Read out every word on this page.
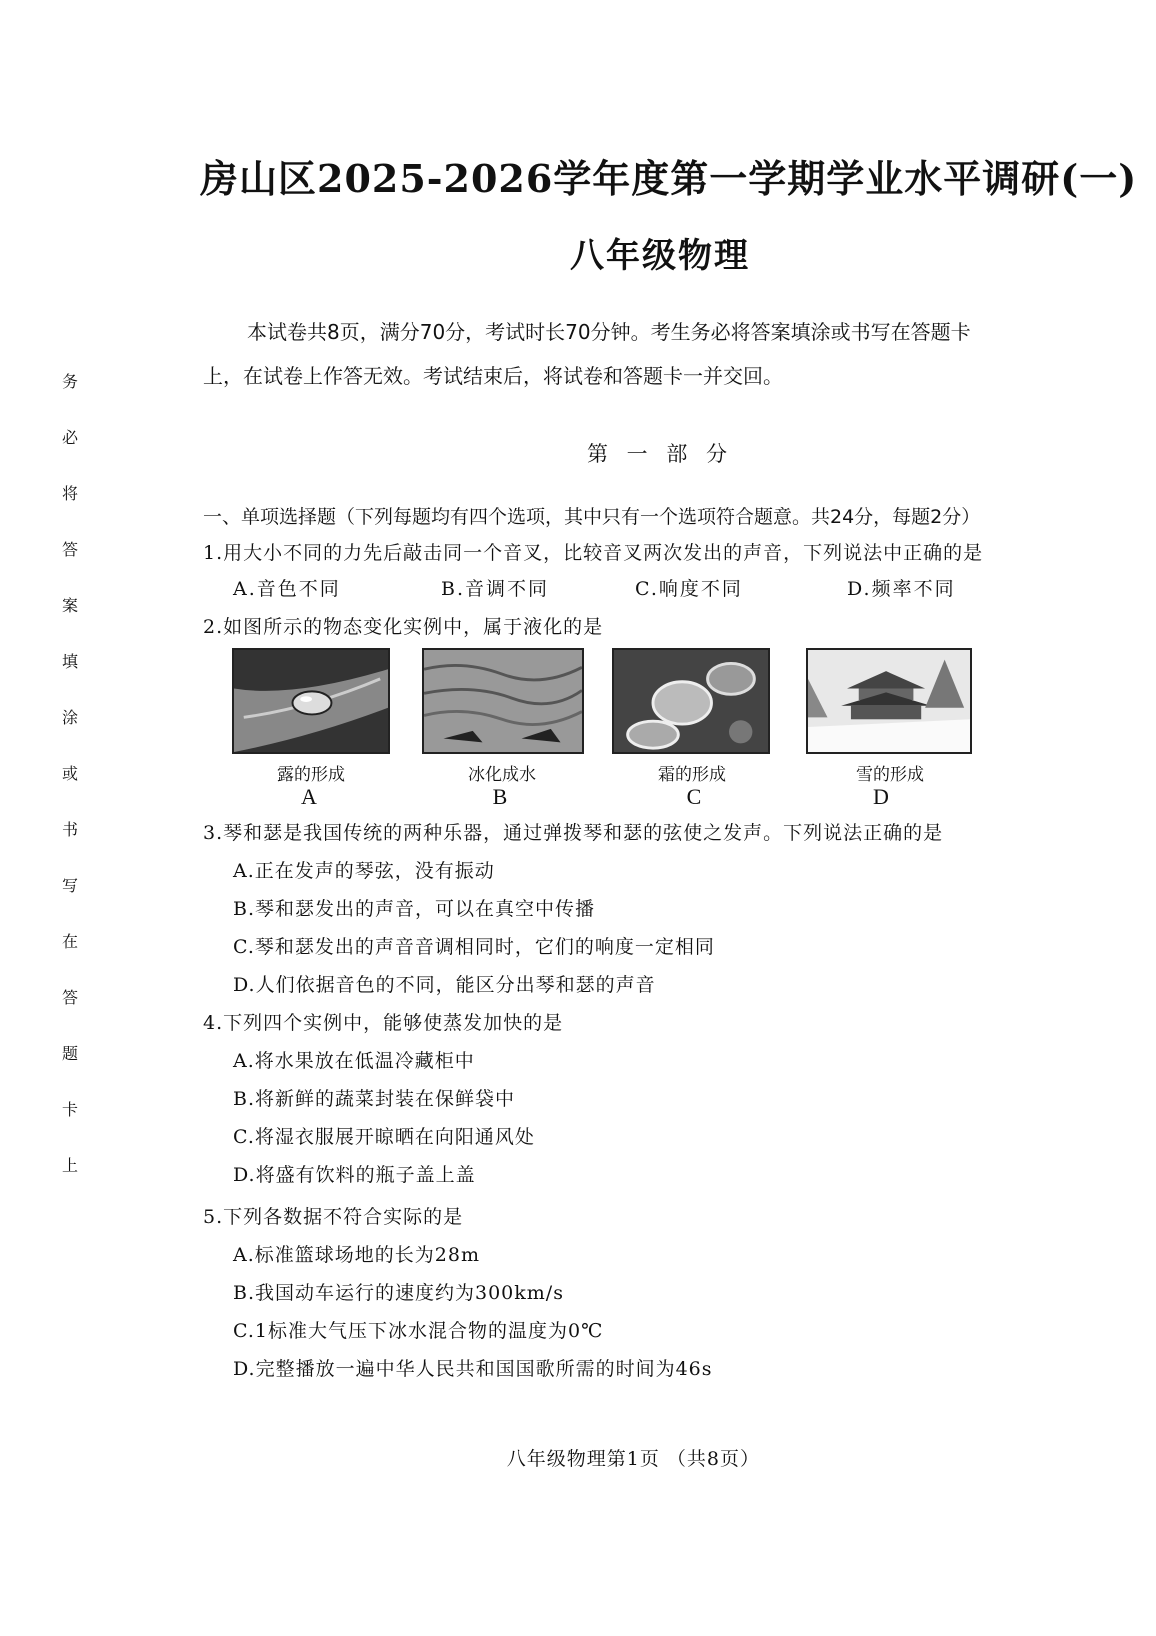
务
必
将
答
案
填
涂
或
书
写
在
答
题
卡
上
房山区2025-2026学年度第一学期学业水平调研(一)
八年级物理

本试卷共8页，满分70分，考试时长70分钟。考生务必将答案填涂或书写在答题卡

上，在试卷上作答无效。考试结束后，将试卷和答题卡一并交回。

第 一 部 分
一、单项选择题（下列每题均有四个选项，其中只有一个选项符合题意。共24分，每题2分）
1.用大小不同的力先后敲击同一个音叉，比较音叉两次发出的声音，下列说法中正确的是
A.音色不同	B.音调不同	C.响度不同	D.频率不同
2.如图所示的物态变化实例中，属于液化的是
露的形成	冰化成水	霜的形成	雪的形成
A	B	C	D
3.琴和瑟是我国传统的两种乐器，通过弹拨琴和瑟的弦使之发声。下列说法正确的是
A.正在发声的琴弦，没有振动
B.琴和瑟发出的声音，可以在真空中传播
C.琴和瑟发出的声音音调相同时，它们的响度一定相同
D.人们依据音色的不同，能区分出琴和瑟的声音
4.下列四个实例中，能够使蒸发加快的是
A.将水果放在低温冷藏柜中
B.将新鲜的蔬菜封装在保鲜袋中
C.将湿衣服展开晾晒在向阳通风处
D.将盛有饮料的瓶子盖上盖
5.下列各数据不符合实际的是
A.标准篮球场地的长为28m
B.我国动车运行的速度约为300km/s
C.1标准大气压下冰水混合物的温度为0℃
D.完整播放一遍中华人民共和国国歌所需的时间为46s
八年级物理第1页 （共8页）
